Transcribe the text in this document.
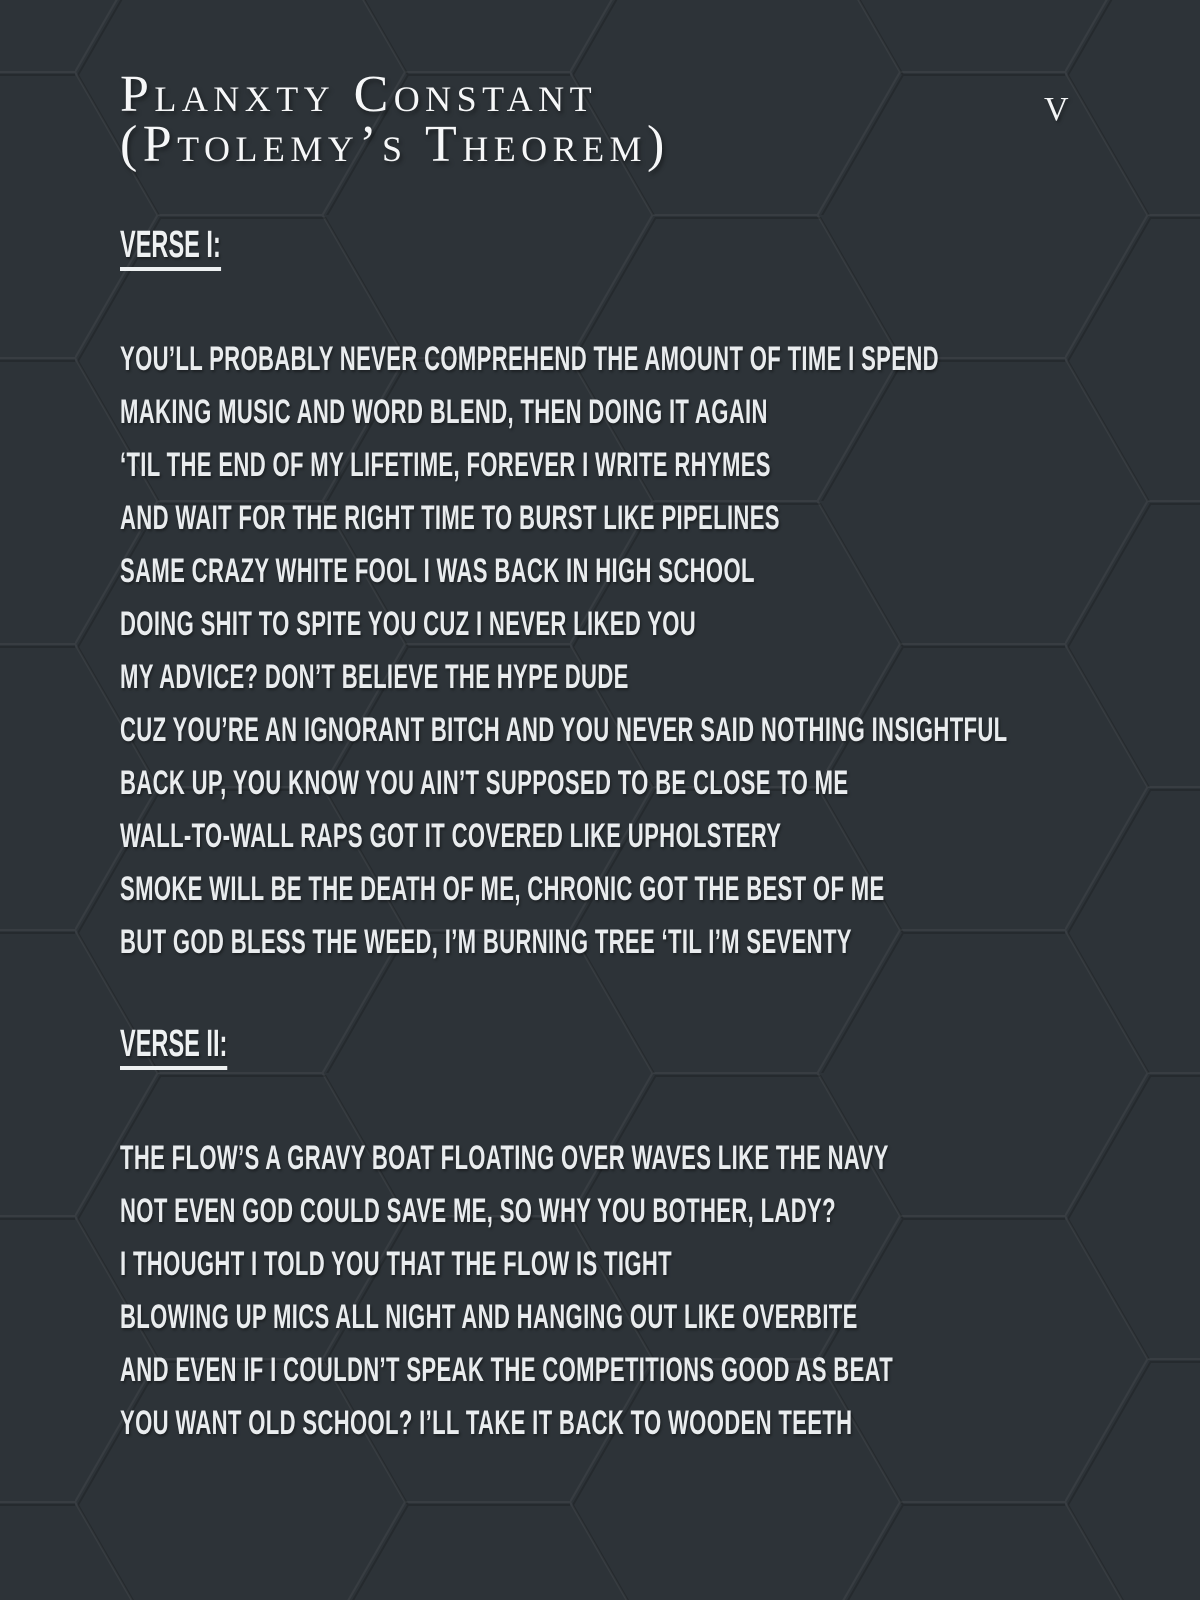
Planxty Constant
(Ptolemy’s Theorem)
V
VERSE I:
YOU’LL PROBABLY NEVER COMPREHEND THE AMOUNT OF TIME I SPEND
MAKING MUSIC AND WORD BLEND, THEN DOING IT AGAIN
‘TIL THE END OF MY LIFETIME, FOREVER I WRITE RHYMES
AND WAIT FOR THE RIGHT TIME TO BURST LIKE PIPELINES
SAME CRAZY WHITE FOOL I WAS BACK IN HIGH SCHOOL
DOING SHIT TO SPITE YOU CUZ I NEVER LIKED YOU
MY ADVICE? DON’T BELIEVE THE HYPE DUDE
CUZ YOU’RE AN IGNORANT BITCH AND YOU NEVER SAID NOTHING INSIGHTFUL
BACK UP, YOU KNOW YOU AIN’T SUPPOSED TO BE CLOSE TO ME
WALL-TO-WALL RAPS GOT IT COVERED LIKE UPHOLSTERY
SMOKE WILL BE THE DEATH OF ME, CHRONIC GOT THE BEST OF ME
BUT GOD BLESS THE WEED, I’M BURNING TREE ‘TIL I’M SEVENTY
VERSE II:
THE FLOW’S A GRAVY BOAT FLOATING OVER WAVES LIKE THE NAVY
NOT EVEN GOD COULD SAVE ME, SO WHY YOU BOTHER, LADY?
I THOUGHT I TOLD YOU THAT THE FLOW IS TIGHT
BLOWING UP MICS ALL NIGHT AND HANGING OUT LIKE OVERBITE
AND EVEN IF I COULDN’T SPEAK THE COMPETITIONS GOOD AS BEAT
YOU WANT OLD SCHOOL? I’LL TAKE IT BACK TO WOODEN TEETH
